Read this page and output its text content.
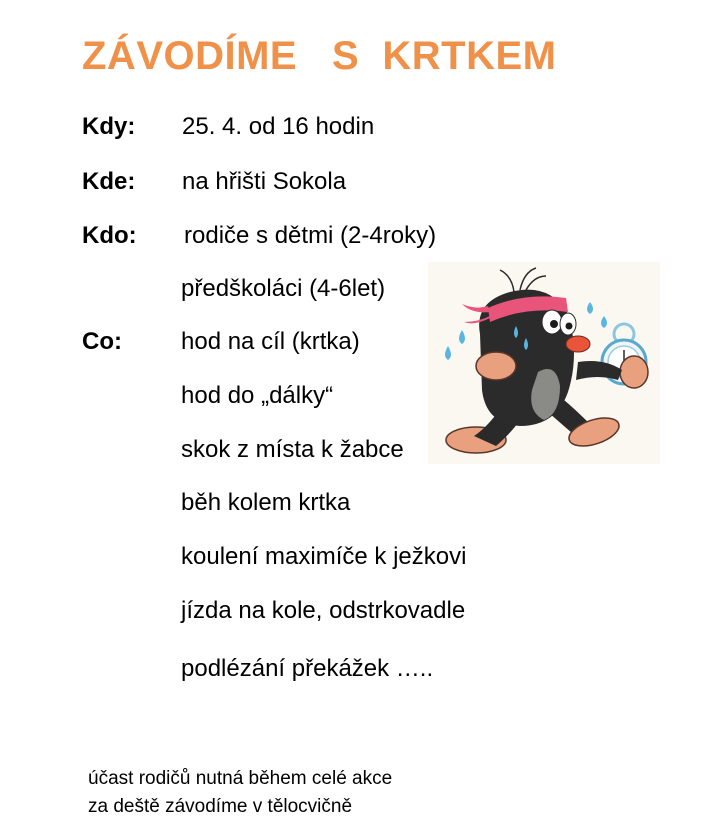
ZÁVODÍME   S  KRTKEM
Kdy: 25. 4. od 16 hodin
Kde: na hřišti Sokola
Kdo: rodiče s dětmi (2-4roky)
předškoláci (4-6let)
Co: hod na cíl (krtka)
hod do „dálky“
skok z místa k žabce
běh kolem krtka
koulení maximíče k ježkovi
jízda na kole, odstrkovadle
podlézání překážek …..
účast rodičů nutná během celé akce
za deště závodíme v tělocvičně
